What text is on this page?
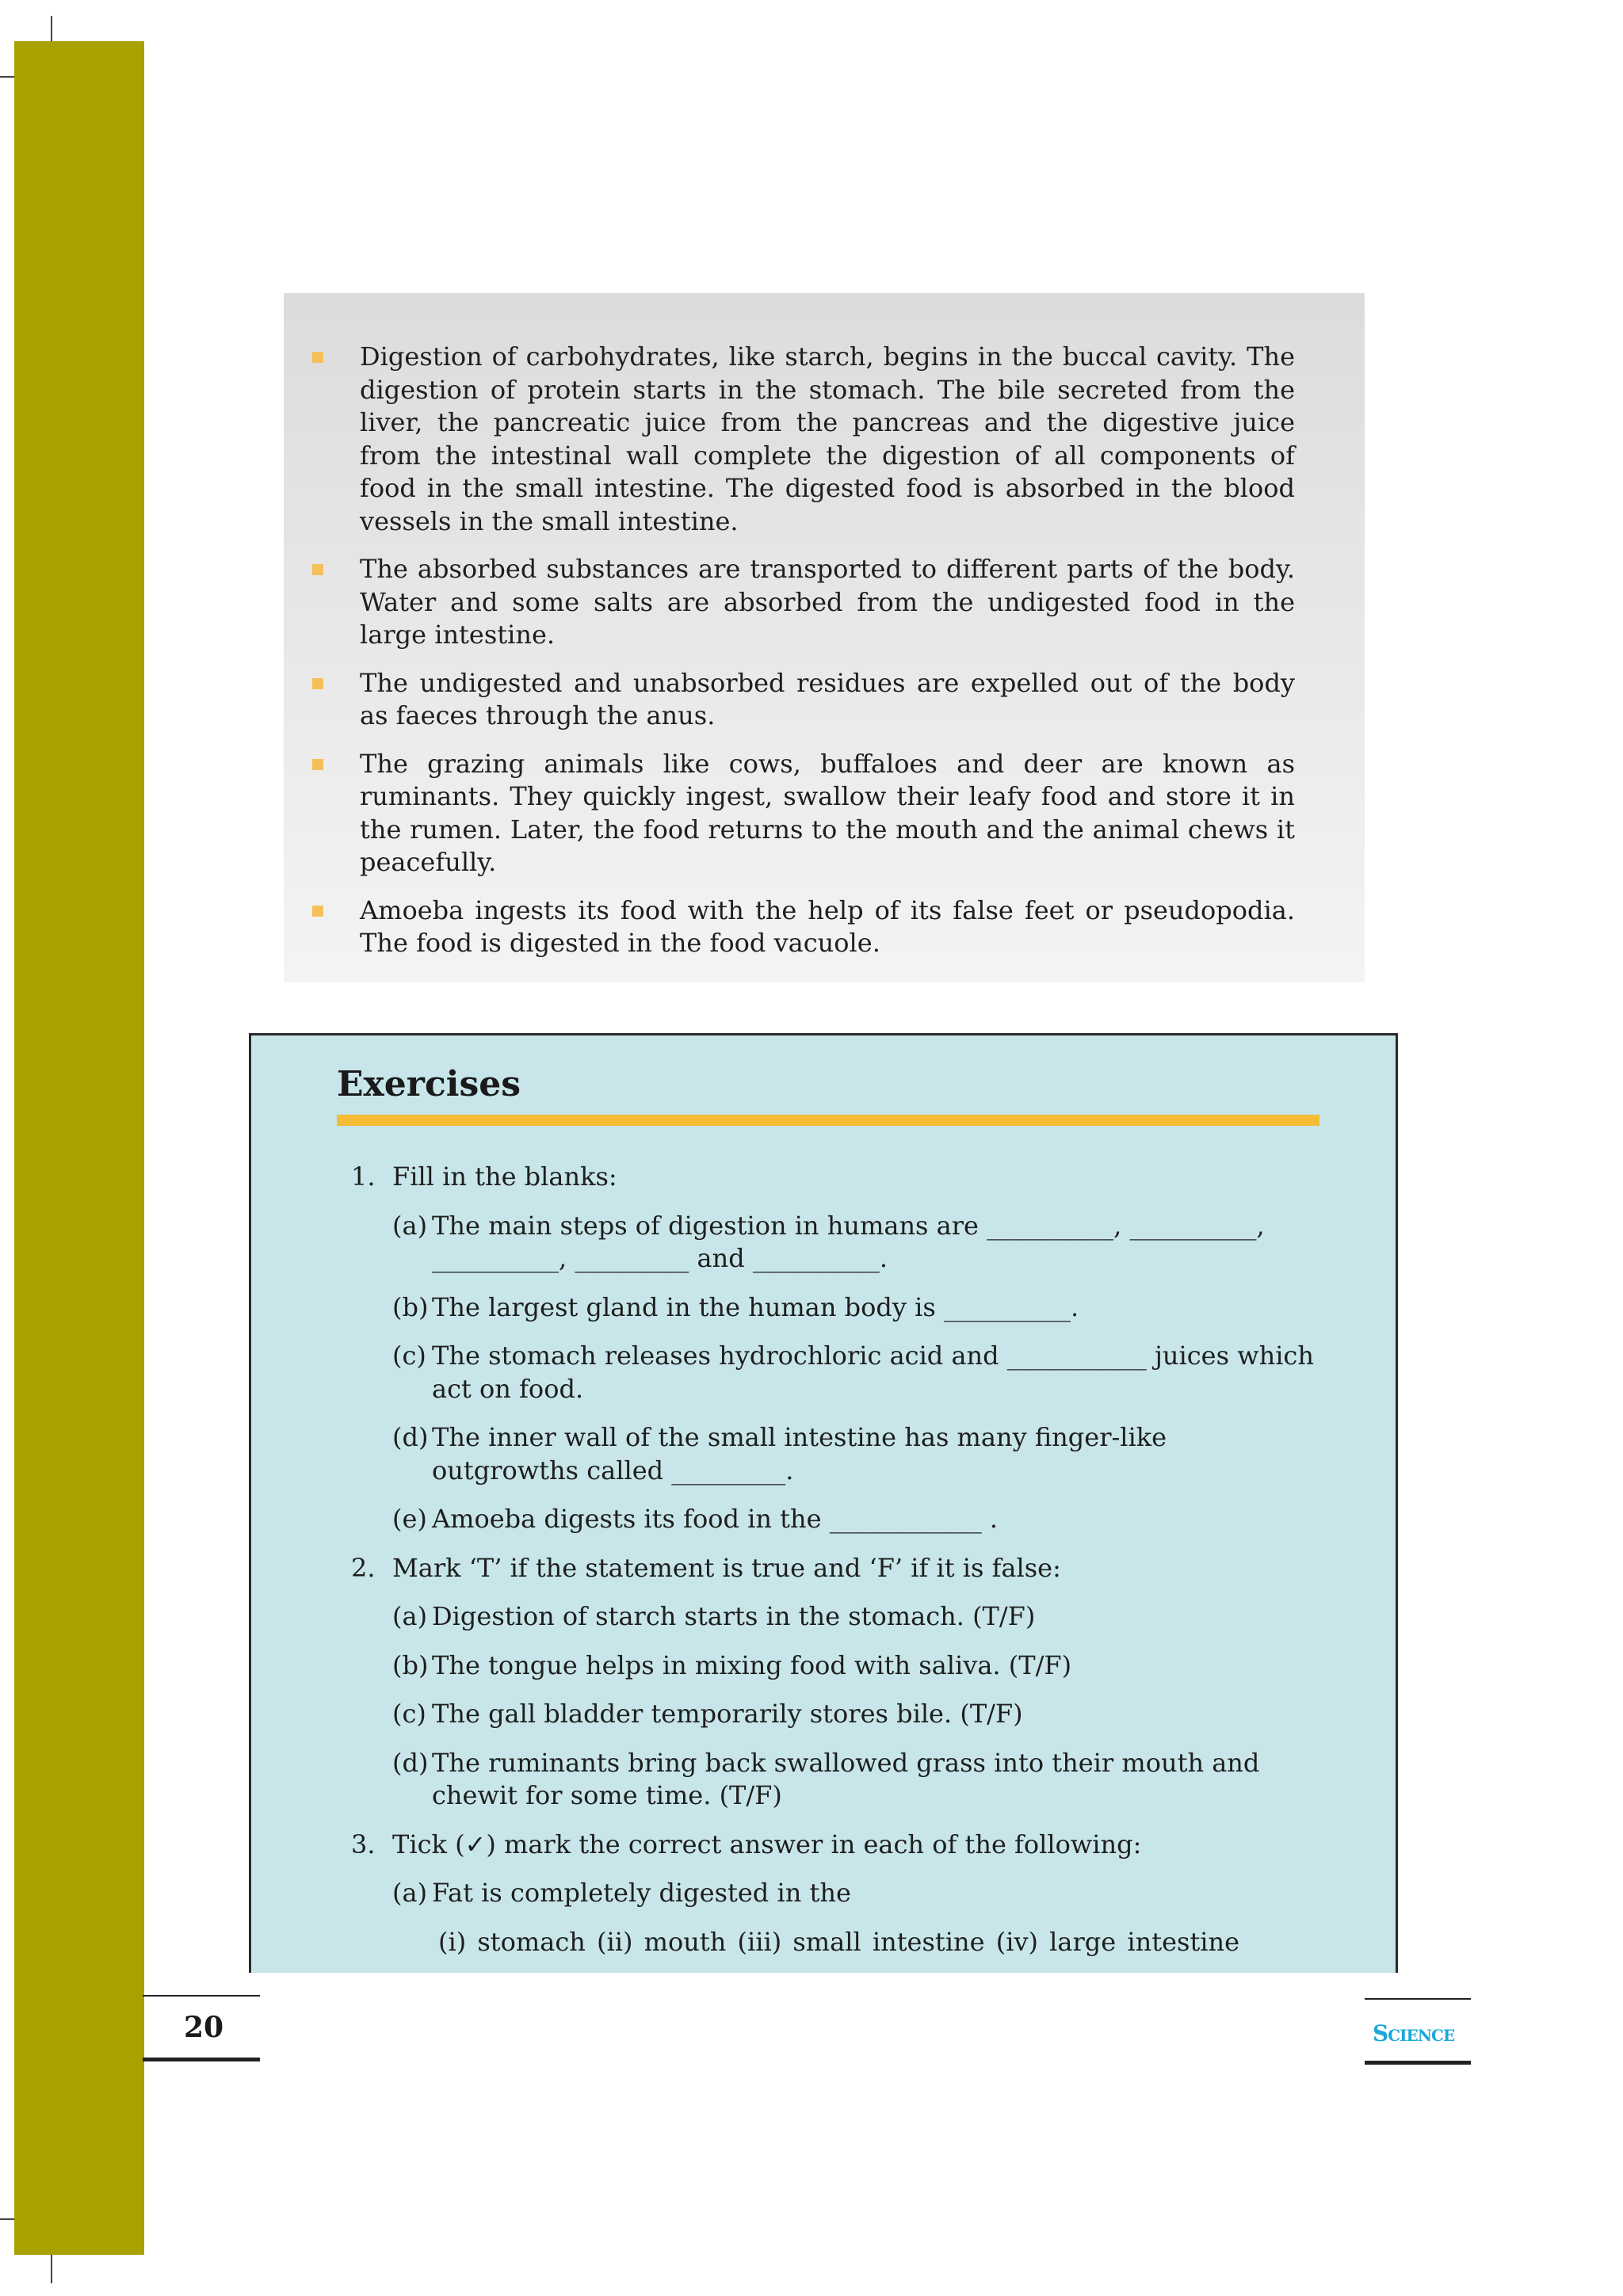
Digestion of carbohydrates, like starch, begins in the buccal cavity. The digestion of protein starts in the stomach. The bile secreted from the liver, the pancreatic juice from the pancreas and the digestive juice from the intestinal wall complete the digestion of all components of food in the small intestine. The digested food is absorbed in the blood vessels in the small intestine.
The absorbed substances are transported to different parts of the body. Water and some salts are absorbed from the undigested food in the large intestine.
The undigested and unabsorbed residues are expelled out of the body as faeces through the anus.
The grazing animals like cows, buffaloes and deer are known as ruminants. They quickly ingest, swallow their leafy food and store it in the rumen. Later, the food returns to the mouth and the animal chews it peacefully.
Amoeba ingests its food with the help of its false feet or pseudopodia. The food is digested in the food vacuole.
Exercises
1. Fill in the blanks:
(a) The main steps of digestion in humans are __________, __________, __________, _________ and __________.
(b) The largest gland in the human body is __________.
(c) The stomach releases hydrochloric acid and ___________ juices which act on food.
(d) The inner wall of the small intestine has many finger-like outgrowths called _________.
(e) Amoeba digests its food in the ____________ .
2. Mark ‘T’ if the statement is true and ‘F’ if it is false:
(a) Digestion of starch starts in the stomach. (T/F)
(b) The tongue helps in mixing food with saliva. (T/F)
(c) The gall bladder temporarily stores bile. (T/F)
(d) The ruminants bring back swallowed grass into their mouth and chewit for some time. (T/F)
3. Tick (✓) mark the correct answer in each of the following:
(a) Fat is completely digested in the
(i) stomach (ii) mouth (iii) small intestine (iv) large intestine
20	Science
